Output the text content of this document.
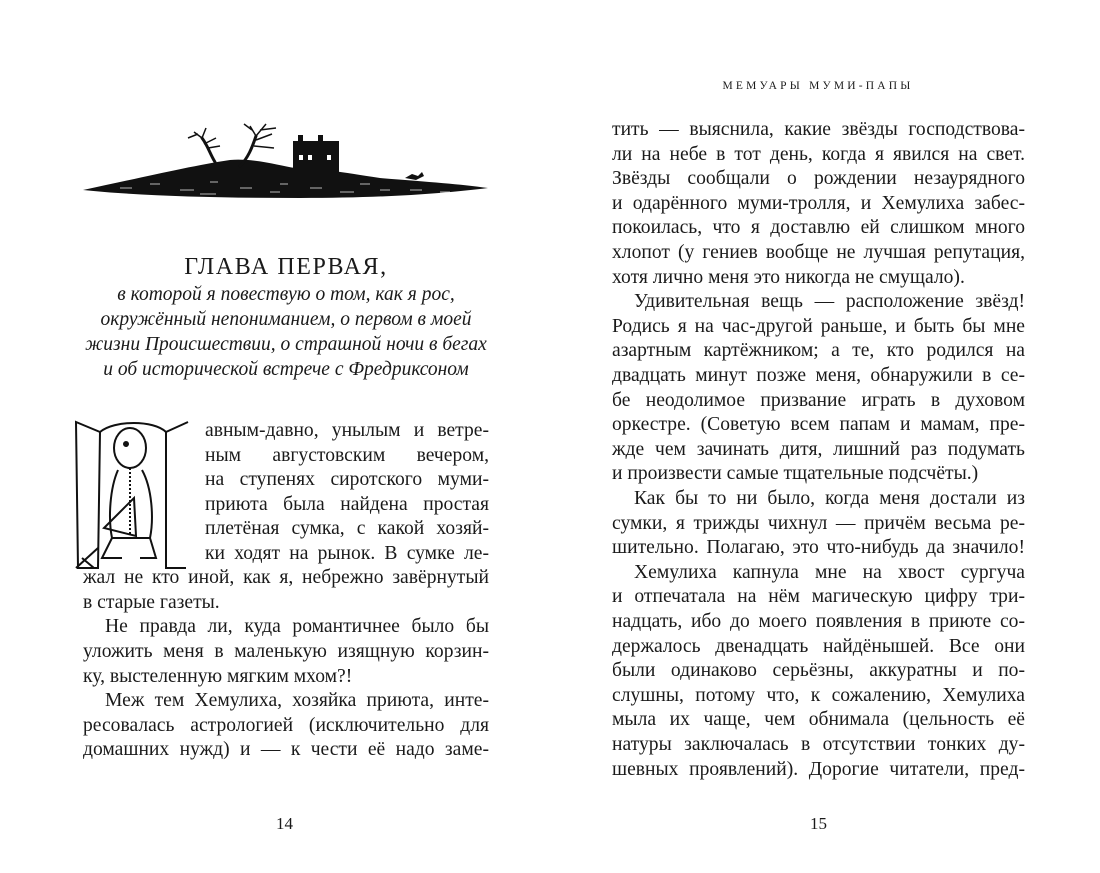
ГЛАВА ПЕРВАЯ,
в которой я повествую о том, как я рос,
окружённый непониманием, о первом в моей
жизни Происшествии, о страшной ночи в бегах
и об исторической встрече с Фредриксоном
авным-давно, унылым и ветре-
ным августовским вечером,
на ступенях сиротского муми-
приюта была найдена простая
плетёная сумка, с какой хозяй-
ки ходят на рынок. В сумке ле-
жал не кто иной, как я, небрежно завёрнутый
в старые газеты.
Не правда ли, куда романтичнее было бы
уложить меня в маленькую изящную корзин-
ку, выстеленную мягким мхом?!
Меж тем Хемулиха, хозяйка приюта, инте-
ресовалась астрологией (исключительно для
домашних нужд) и — к чести её надо заме-
14
МЕМУАРЫ МУМИ-ПАПЫ
тить — выяснила, какие звёзды господствова-
ли на небе в тот день, когда я явился на свет.
Звёзды сообщали о рождении незаурядного
и одарённого муми-тролля, и Хемулиха забес-
покоилась, что я доставлю ей слишком много
хлопот (у гениев вообще не лучшая репутация,
хотя лично меня это никогда не смущало).
Удивительная вещь — расположение звёзд!
Родись я на час-другой раньше, и быть бы мне
азартным картёжником; а те, кто родился на
двадцать минут позже меня, обнаружили в се-
бе неодолимое призвание играть в духовом
оркестре. (Советую всем папам и мамам, пре-
жде чем зачинать дитя, лишний раз подумать
и произвести самые тщательные подсчёты.)
Как бы то ни было, когда меня достали из
сумки, я трижды чихнул — причём весьма ре-
шительно. Полагаю, это что-нибудь да значило!
Хемулиха капнула мне на хвост сургуча
и отпечатала на нём магическую цифру три-
надцать, ибо до моего появления в приюте со-
держалось двенадцать найдёнышей. Все они
были одинаково серьёзны, аккуратны и по-
слушны, потому что, к сожалению, Хемулиха
мыла их чаще, чем обнимала (цельность её
натуры заключалась в отсутствии тонких ду-
шевных проявлений). Дорогие читатели, пред-
15
